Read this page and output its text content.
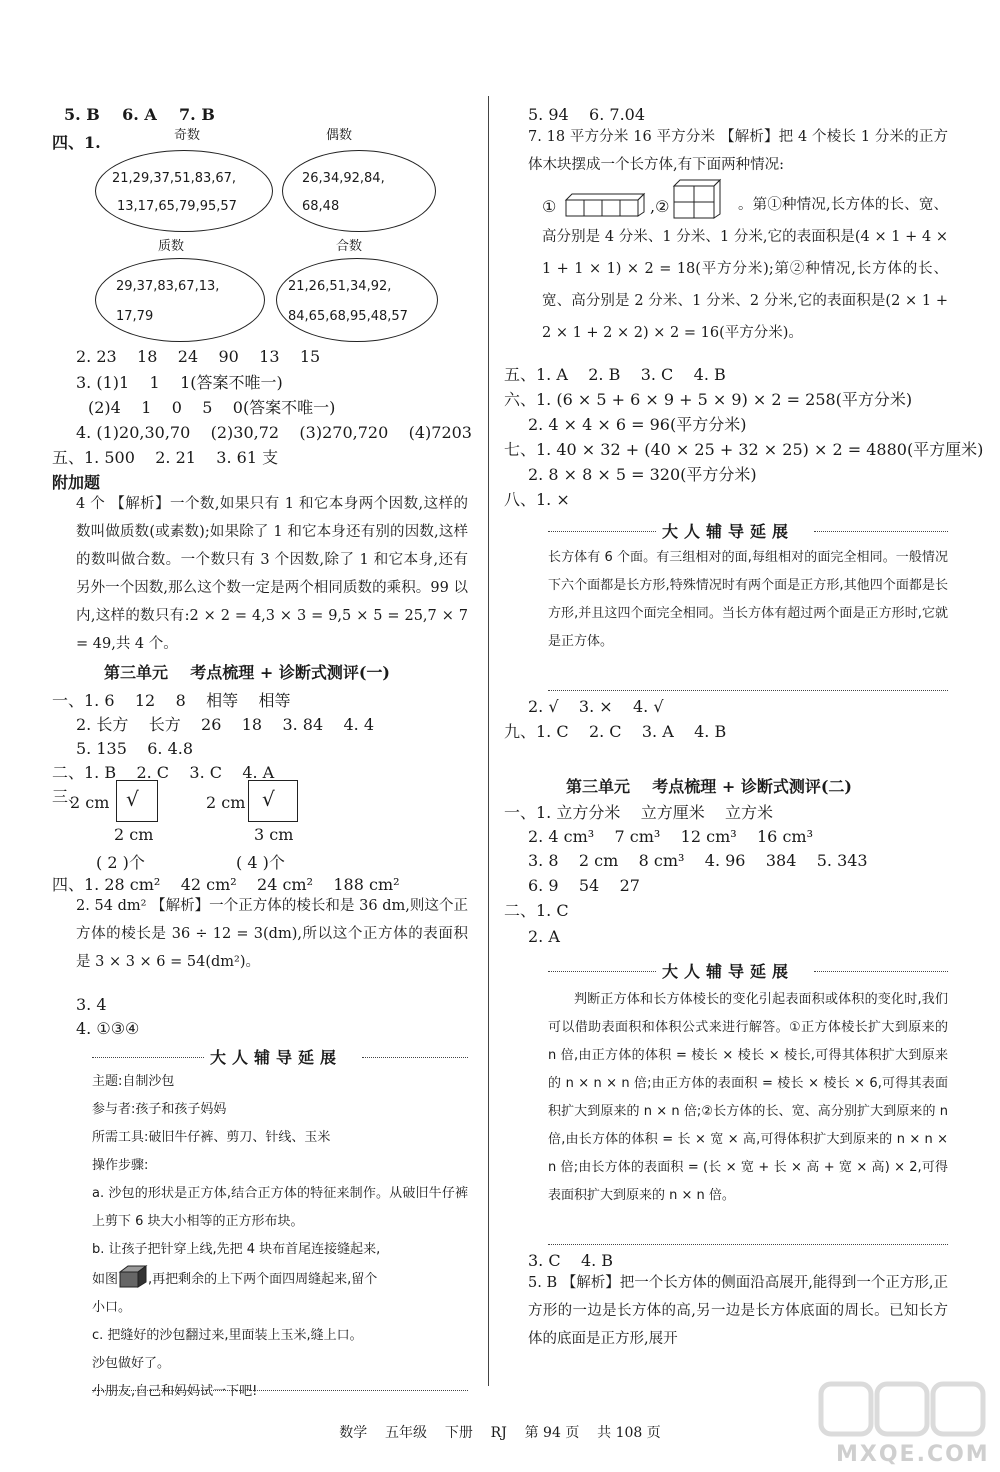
5. B    6. A    7. B
四、1.	奇数
21,29,37,51,83,67,
13,17,65,79,95,57
偶数
26,34,92,84,
68,48
质数
29,37,83,67,13,
17,79
合数
21,26,51,34,92,
84,65,68,95,48,57
2. 23    18    24    90    13    15
3. (1)1    1    1(答案不唯一)
(2)4    1    0    5    0(答案不唯一)
4. (1)20,30,70    (2)30,72    (3)270,720    (4)7203
五、1. 500    2. 21    3. 61 支
附加题
4 个 【解析】一个数,如果只有 1 和它本身两个因数,这样的数叫做质数(或素数);如果除了 1 和它本身还有别的因数,这样的数叫做合数。一个数只有 3 个因数,除了 1 和它本身,还有另外一个因数,那么这个数一定是两个相同质数的乘积。99 以内,这样的数只有:2 × 2 = 4,3 × 3 = 9,5 × 5 = 25,7 × 7 = 49,共 4 个。
第三单元    考点梳理 + 诊断式测评(一)
一、1. 6    12    8    相等    相等
2. 长方    长方    26    18    3. 84    4. 4
5. 135    6. 4.8
二、1. B    2. C    3. C    4. A
三、
2 cm √
2 cm
2 cm √
3 cm
( 2 )个	( 4 )个
四、1. 28 cm²    42 cm²    24 cm²    188 cm²
2. 54 dm² 【解析】一个正方体的棱长和是 36 dm,则这个正方体的棱长是 36 ÷ 12 = 3(dm),所以这个正方体的表面积是 3 × 3 × 6 = 54(dm²)。
3. 4
4. ①③④
大人辅导延展
主题:自制沙包
参与者:孩子和孩子妈妈
所需工具:破旧牛仔裤、剪刀、针线、玉米
操作步骤:
a. 沙包的形状是正方体,结合正方体的特征来制作。从破旧牛仔裤上剪下 6 块大小相等的正方形布块。
b. 让孩子把针穿上线,先把 4 块布首尾连接缝起来,
如图 ,再把剩余的上下两个面四周缝起来,留个
小口。
c. 把缝好的沙包翻过来,里面装上玉米,缝上口。
沙包做好了。
小朋友,自己和妈妈试一下吧!
5. 94    6. 7.04
7. 18 平方分米 16 平方分米 【解析】把 4 个棱长 1 分米的正方体木块摆成一个长方体,有下面两种情况:
。第①种情况,长方体的长、宽、高分别是 4 分米、1 分米、1 分米,它的表面积是(4 × 1 + 4 × 1 + 1 × 1) × 2 = 18(平方分米);第②种情况,长方体的长、宽、高分别是 2 分米、1 分米、2 分米,它的表面积是(2 × 1 + 2 × 1 + 2 × 2) × 2 = 16(平方分米)。
①	,②
五、1. A    2. B    3. C    4. B
六、1. (6 × 5 + 6 × 9 + 5 × 9) × 2 = 258(平方分米)
2. 4 × 4 × 6 = 96(平方分米)
七、1. 40 × 32 + (40 × 25 + 32 × 25) × 2 = 4880(平方厘米)
2. 8 × 8 × 5 = 320(平方分米)
八、1. ×
大人辅导延展
长方体有 6 个面。有三组相对的面,每组相对的面完全相同。一般情况下六个面都是长方形,特殊情况时有两个面是正方形,其他四个面都是长方形,并且这四个面完全相同。当长方体有超过两个面是正方形时,它就是正方体。
2. √    3. ×    4. √
九、1. C    2. C    3. A    4. B
第三单元    考点梳理 + 诊断式测评(二)
一、1. 立方分米    立方厘米    立方米
2. 4 cm³    7 cm³    12 cm³    16 cm³
3. 8    2 cm    8 cm³    4. 96    384    5. 343
6. 9    54    27
二、1. C
2. A
大人辅导延展
判断正方体和长方体棱长的变化引起表面积或体积的变化时,我们可以借助表面积和体积公式来进行解答。①正方体棱长扩大到原来的 n 倍,由正方体的体积 = 棱长 × 棱长 × 棱长,可得其体积扩大到原来的 n × n × n 倍;由正方体的表面积 = 棱长 × 棱长 × 6,可得其表面积扩大到原来的 n × n 倍;②长方体的长、宽、高分别扩大到原来的 n 倍,由长方体的体积 = 长 × 宽 × 高,可得体积扩大到原来的 n × n × n 倍;由长方体的表面积 = (长 × 宽 + 长 × 高 + 宽 × 高) × 2,可得表面积扩大到原来的 n × n 倍。
3. C    4. B
5. B 【解析】把一个长方体的侧面沿高展开,能得到一个正方形,正方形的一边是长方体的高,另一边是长方体底面的周长。已知长方体的底面是正方形,展开
数学    五年级    下册    RJ    第 94 页    共 108 页
MXQE.COM
